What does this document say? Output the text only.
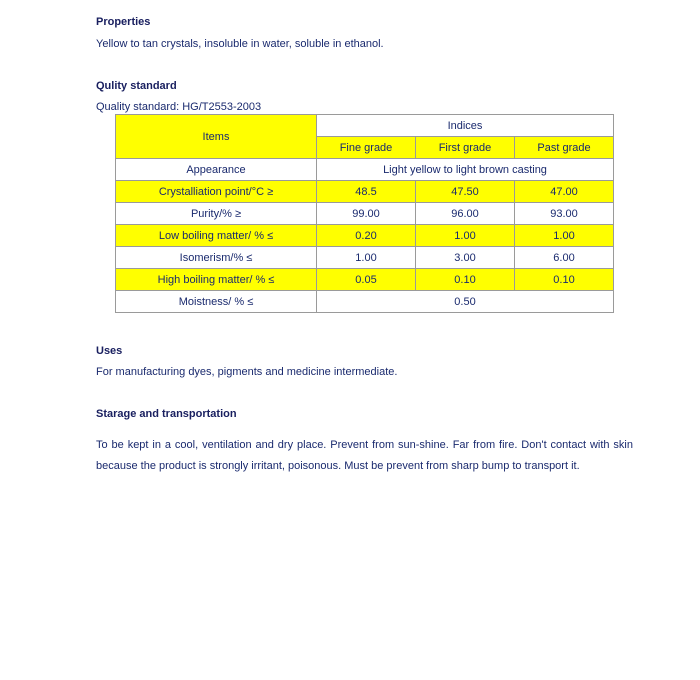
Properties
Yellow to tan crystals, insoluble in water, soluble in ethanol.
Qulity standard
Quality standard: HG/T2553-2003
Items	Indices		
	Fine grade	First grade	Past grade
Appearance	Light yellow to light brown casting		
Crystalliation point/°C ≥	48.5	47.50	47.00
Purity/% ≥	99.00	96.00	93.00
Low boiling matter/ % ≤	0.20	1.00	1.00
Isomerism/% ≤	1.00	3.00	6.00
High boiling matter/ % ≤	0.05	0.10	0.10
Moistness/ % ≤	0.50		
Uses
For manufacturing dyes, pigments and medicine intermediate.
Starage and transportation
To be kept in a cool, ventilation and dry place. Prevent from sun-shine. Far from fire. Don't contact with skin because the product is strongly irritant, poisonous. Must be prevent from sharp bump to transport it.
